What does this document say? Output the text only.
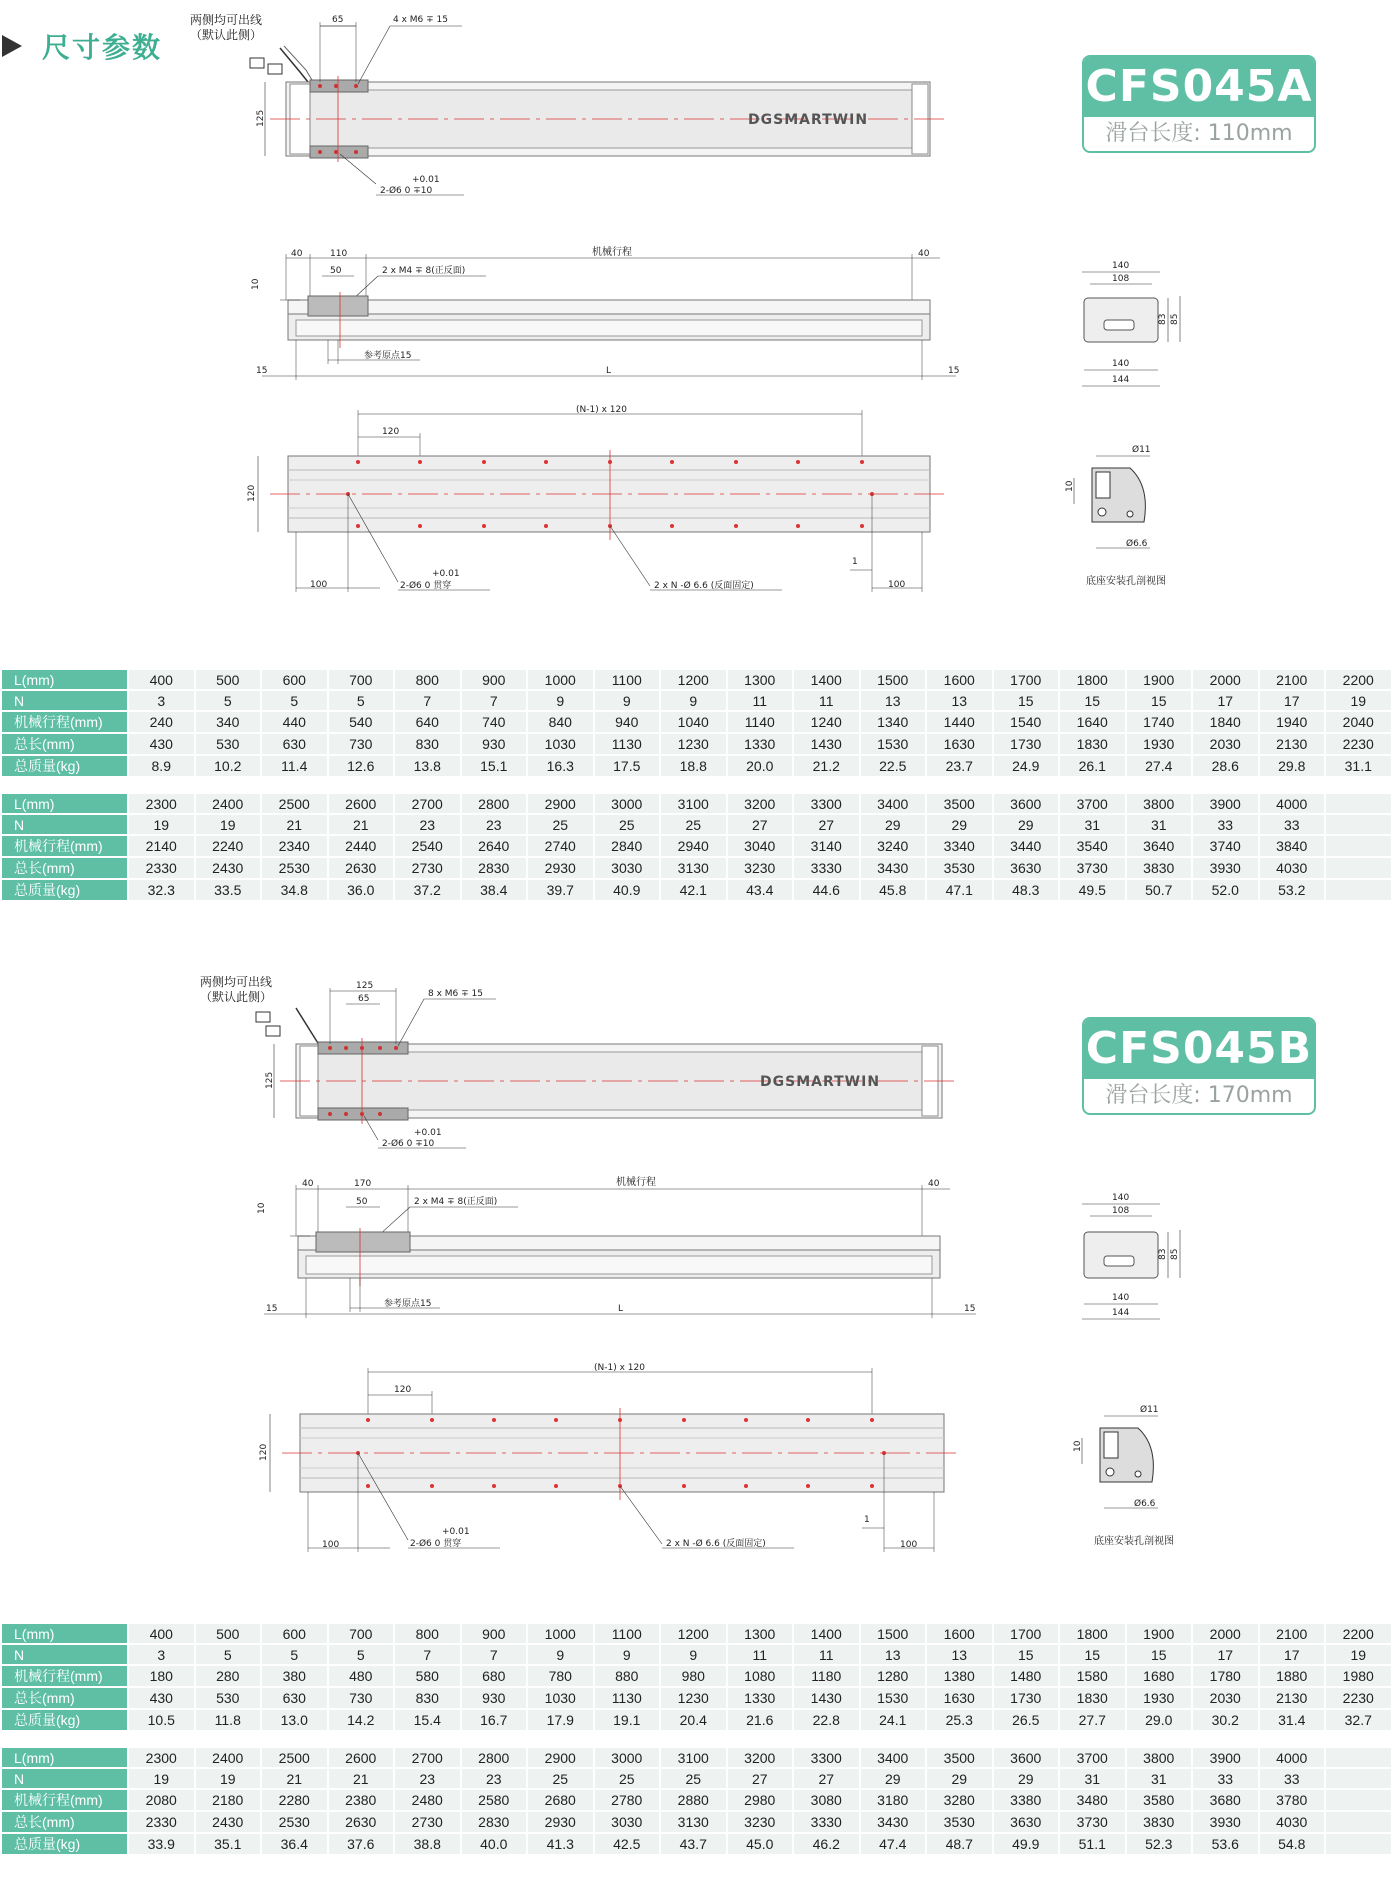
尺寸参数
CFS045A
滑台长度: 110mm
CFS045B
滑台长度: 170mm
两侧均可出线
（默认此侧）
DGSMARTWIN
65	4 x M6 ∓ 15
125
+0.01
2-Ø6 0 ∓10
40	110	机械行程	40
50	2 x M4 ∓ 8(正反面)
10
参考原点15
15	L	15
(N-1) x 120
120
120
100
+0.01
2-Ø6 0 贯穿	2 x N -Ø 6.6 (反面固定)
1
100
140
108
83 85
140
144
Ø11
10
Ø6.6
底座安装孔剖视图
两侧均可出线
（默认此侧）
DGSMARTWIN
125
65	8 x M6 ∓ 15
125
+0.01
2-Ø6 0 ∓10
40	170	机械行程	40
50	2 x M4 ∓ 8(正反面)
10
参考原点15
15	L	15
(N-1) x 120
120
120
100
+0.01
2-Ø6 0 贯穿	2 x N -Ø 6.6 (反面固定)
1
100
140
108
83 85
140
144
Ø11
10
Ø6.6
底座安装孔剖视图
L(mm)	400	500	600	700	800	900	1000	1100	1200	1300	1400	1500	1600	1700	1800	1900	2000	2100	2200
N	3	5	5	5	7	7	9	9	9	11	11	13	13	15	15	15	17	17	19
机械行程(mm)	240	340	440	540	640	740	840	940	1040	1140	1240	1340	1440	1540	1640	1740	1840	1940	2040
总长(mm)	430	530	630	730	830	930	1030	1130	1230	1330	1430	1530	1630	1730	1830	1930	2030	2130	2230
总质量(kg)	8.9	10.2	11.4	12.6	13.8	15.1	16.3	17.5	18.8	20.0	21.2	22.5	23.7	24.9	26.1	27.4	28.6	29.8	31.1
L(mm)	2300	2400	2500	2600	2700	2800	2900	3000	3100	3200	3300	3400	3500	3600	3700	3800	3900	4000	
N	19	19	21	21	23	23	25	25	25	27	27	29	29	29	31	31	33	33	
机械行程(mm)	2140	2240	2340	2440	2540	2640	2740	2840	2940	3040	3140	3240	3340	3440	3540	3640	3740	3840	
总长(mm)	2330	2430	2530	2630	2730	2830	2930	3030	3130	3230	3330	3430	3530	3630	3730	3830	3930	4030	
总质量(kg)	32.3	33.5	34.8	36.0	37.2	38.4	39.7	40.9	42.1	43.4	44.6	45.8	47.1	48.3	49.5	50.7	52.0	53.2	
L(mm)	400	500	600	700	800	900	1000	1100	1200	1300	1400	1500	1600	1700	1800	1900	2000	2100	2200
N	3	5	5	5	7	7	9	9	9	11	11	13	13	15	15	15	17	17	19
机械行程(mm)	180	280	380	480	580	680	780	880	980	1080	1180	1280	1380	1480	1580	1680	1780	1880	1980
总长(mm)	430	530	630	730	830	930	1030	1130	1230	1330	1430	1530	1630	1730	1830	1930	2030	2130	2230
总质量(kg)	10.5	11.8	13.0	14.2	15.4	16.7	17.9	19.1	20.4	21.6	22.8	24.1	25.3	26.5	27.7	29.0	30.2	31.4	32.7
L(mm)	2300	2400	2500	2600	2700	2800	2900	3000	3100	3200	3300	3400	3500	3600	3700	3800	3900	4000	
N	19	19	21	21	23	23	25	25	25	27	27	29	29	29	31	31	33	33	
机械行程(mm)	2080	2180	2280	2380	2480	2580	2680	2780	2880	2980	3080	3180	3280	3380	3480	3580	3680	3780	
总长(mm)	2330	2430	2530	2630	2730	2830	2930	3030	3130	3230	3330	3430	3530	3630	3730	3830	3930	4030	
总质量(kg)	33.9	35.1	36.4	37.6	38.8	40.0	41.3	42.5	43.7	45.0	46.2	47.4	48.7	49.9	51.1	52.3	53.6	54.8	
